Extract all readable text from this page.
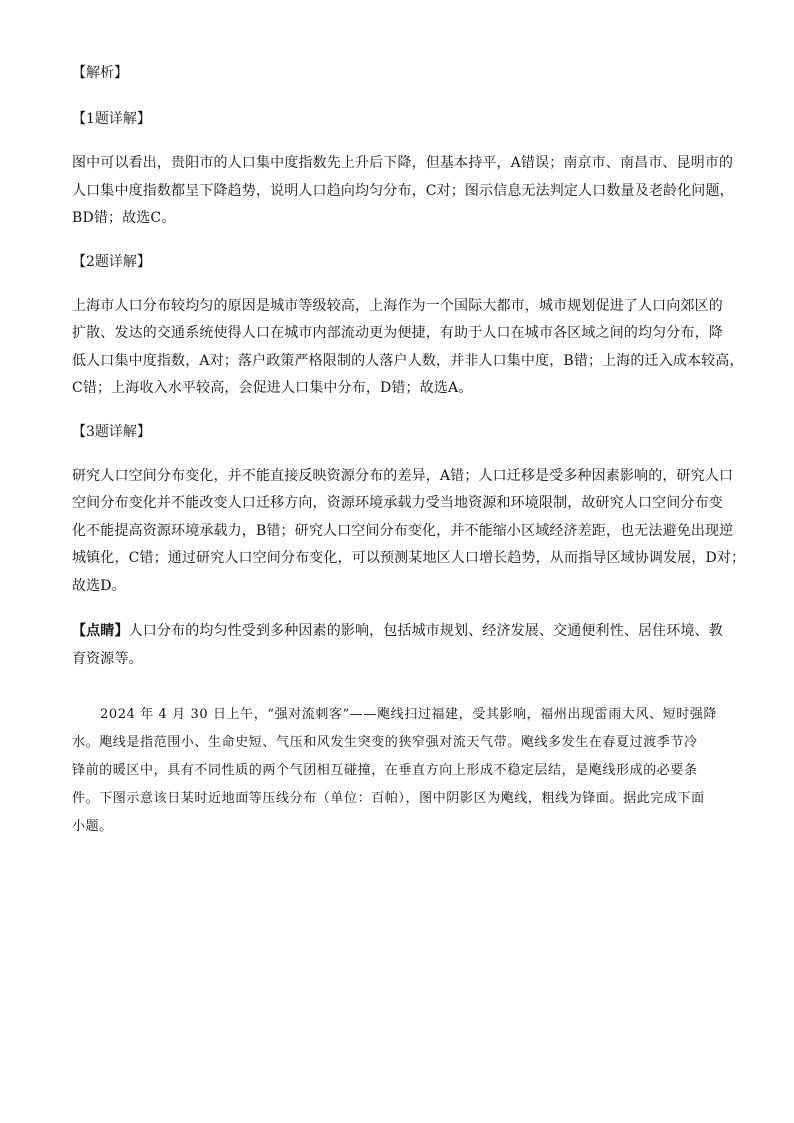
【解析】

【1题详解】

图中可以看出，贵阳市的人口集中度指数先上升后下降，但基本持平，A错误；南京市、南昌市、昆明市的
人口集中度指数都呈下降趋势，说明人口趋向均匀分布，C对；图示信息无法判定人口数量及老龄化问题，
BD错；故选C。

【2题详解】

上海市人口分布较均匀的原因是城市等级较高，上海作为一个国际大都市，城市规划促进了人口向郊区的
扩散、发达的交通系统使得人口在城市内部流动更为便捷，有助于人口在城市各区域之间的均匀分布，降
低人口集中度指数，A对；落户政策严格限制的人落户人数，并非人口集中度，B错；上海的迁入成本较高，
C错；上海收入水平较高，会促进人口集中分布，D错；故选A。

【3题详解】

研究人口空间分布变化，并不能直接反映资源分布的差异，A错；人口迁移是受多种因素影响的，研究人口
空间分布变化并不能改变人口迁移方向，资源环境承载力受当地资源和环境限制，故研究人口空间分布变
化不能提高资源环境承载力，B错；研究人口空间分布变化，并不能缩小区域经济差距，也无法避免出现逆
城镇化，C错；通过研究人口空间分布变化，可以预测某地区人口增长趋势，从而指导区域协调发展，D对；
故选D。
【点睛】人口分布的均匀性受到多种因素的影响，包括城市规划、经济发展、交通便利性、居住环境、教
育资源等。
2024 年 4 月 30 日上午，“强对流刺客”——飑线扫过福建，受其影响，福州出现雷雨大风、短时强降
水。飑线是指范围小、生命史短、气压和风发生突变的狭窄强对流天气带。飑线多发生在春夏过渡季节冷
锋前的暖区中，具有不同性质的两个气团相互碰撞，在垂直方向上形成不稳定层结，是飑线形成的必要条
件。下图示意该日某时近地面等压线分布（单位：百帕），图中阴影区为飑线，粗线为锋面。据此完成下面
小题。
